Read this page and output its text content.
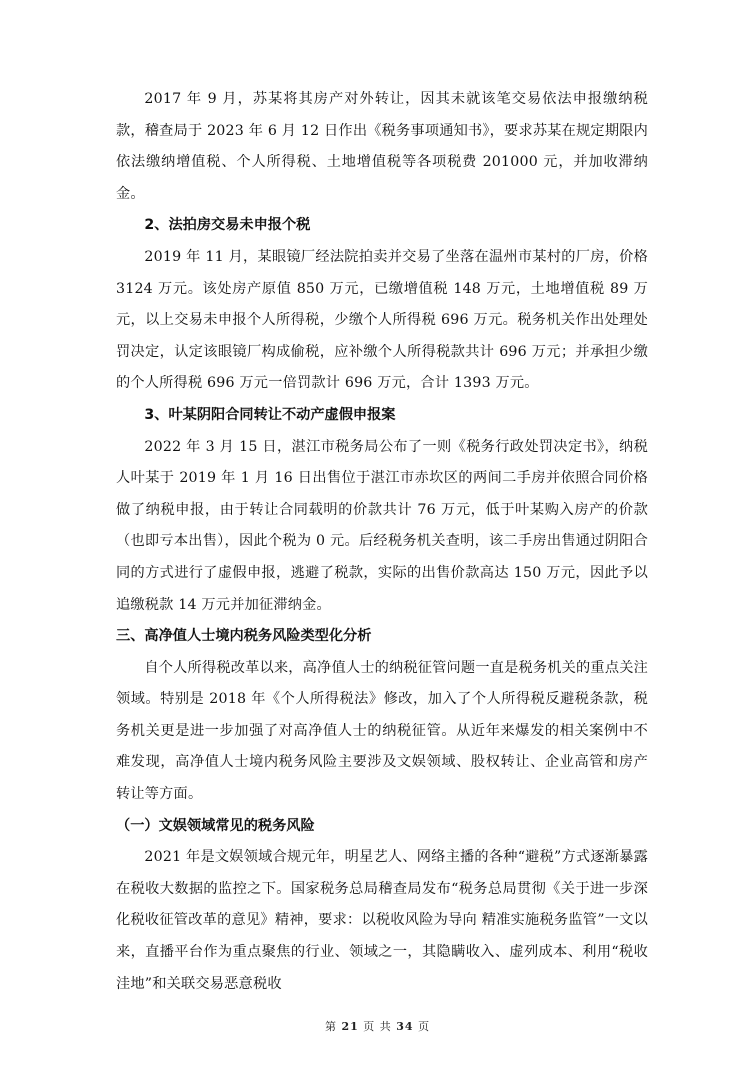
2017 年 9 月，苏某将其房产对外转让，因其未就该笔交易依法申报缴纳税款，稽查局于 2023 年 6 月 12 日作出《税务事项通知书》，要求苏某在规定期限内依法缴纳增值税、个人所得税、土地增值税等各项税费 201000 元，并加收滞纳金。

2、法拍房交易未申报个税

2019 年 11 月，某眼镜厂经法院拍卖并交易了坐落在温州市某村的厂房，价格 3124 万元。该处房产原值 850 万元，已缴增值税 148 万元，土地增值税 89 万元，以上交易未申报个人所得税，少缴个人所得税 696 万元。税务机关作出处理处罚决定，认定该眼镜厂构成偷税，应补缴个人所得税款共计 696 万元；并承担少缴的个人所得税 696 万元一倍罚款计 696 万元，合计 1393 万元。

3、叶某阴阳合同转让不动产虚假申报案

2022 年 3 月 15 日，湛江市税务局公布了一则《税务行政处罚决定书》，纳税人叶某于 2019 年 1 月 16 日出售位于湛江市赤坎区的两间二手房并依照合同价格做了纳税申报，由于转让合同载明的价款共计 76 万元，低于叶某购入房产的价款（也即亏本出售），因此个税为 0 元。后经税务机关查明，该二手房出售通过阴阳合同的方式进行了虚假申报，逃避了税款，实际的出售价款高达 150 万元，因此予以追缴税款 14 万元并加征滞纳金。

三、高净值人士境内税务风险类型化分析

自个人所得税改革以来，高净值人士的纳税征管问题一直是税务机关的重点关注领域。特别是 2018 年《个人所得税法》修改，加入了个人所得税反避税条款，税务机关更是进一步加强了对高净值人士的纳税征管。从近年来爆发的相关案例中不难发现，高净值人士境内税务风险主要涉及文娱领域、股权转让、企业高管和房产转让等方面。

（一）文娱领域常见的税务风险

2021 年是文娱领域合规元年，明星艺人、网络主播的各种“避税”方式逐渐暴露在税收大数据的监控之下。国家税务总局稽查局发布“税务总局贯彻《关于进一步深化税收征管改革的意见》精神，要求：以税收风险为导向 精准实施税务监管”一文以来，直播平台作为重点聚焦的行业、领域之一，其隐瞒收入、虚列成本、利用“税收洼地”和关联交易恶意税收

第 21 页 共 34 页
